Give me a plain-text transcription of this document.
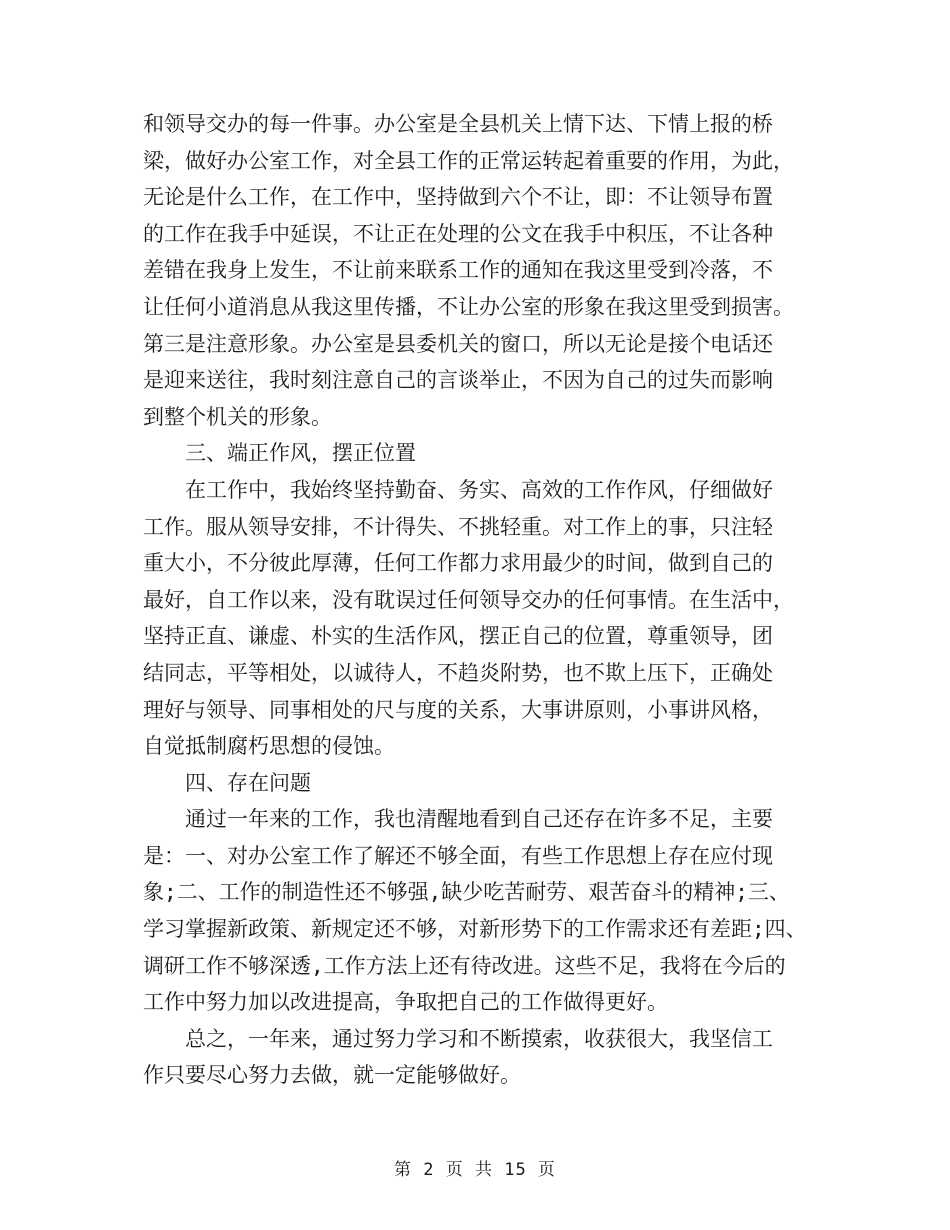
和领导交办的每一件事。办公室是全县机关上情下达、下情上报的桥
梁，做好办公室工作，对全县工作的正常运转起着重要的作用，为此，
无论是什么工作，在工作中，坚持做到六个不让，即：不让领导布置
的工作在我手中延误，不让正在处理的公文在我手中积压，不让各种
差错在我身上发生，不让前来联系工作的通知在我这里受到冷落，不
让任何小道消息从我这里传播，不让办公室的形象在我这里受到损害。
第三是注意形象。办公室是县委机关的窗口，所以无论是接个电话还
是迎来送往，我时刻注意自己的言谈举止，不因为自己的过失而影响
到整个机关的形象。
三、端正作风，摆正位置
在工作中，我始终坚持勤奋、务实、高效的工作作风，仔细做好
工作。服从领导安排，不计得失、不挑轻重。对工作上的事，只注轻
重大小，不分彼此厚薄，任何工作都力求用最少的时间，做到自己的
最好，自工作以来，没有耽误过任何领导交办的任何事情。在生活中，
坚持正直、谦虚、朴实的生活作风，摆正自己的位置，尊重领导，团
结同志，平等相处，以诚待人，不趋炎附势，也不欺上压下，正确处
理好与领导、同事相处的尺与度的关系，大事讲原则，小事讲风格，
自觉抵制腐朽思想的侵蚀。
四、存在问题
通过一年来的工作，我也清醒地看到自己还存在许多不足，主要
是：一、对办公室工作了解还不够全面，有些工作思想上存在应付现
象;二、工作的制造性还不够强,缺少吃苦耐劳、艰苦奋斗的精神;三、
学习掌握新政策、新规定还不够，对新形势下的工作需求还有差距;四、
调研工作不够深透,工作方法上还有待改进。这些不足，我将在今后的
工作中努力加以改进提高，争取把自己的工作做得更好。
总之，一年来，通过努力学习和不断摸索，收获很大，我坚信工
作只要尽心努力去做，就一定能够做好。
第 2 页 共 15 页
